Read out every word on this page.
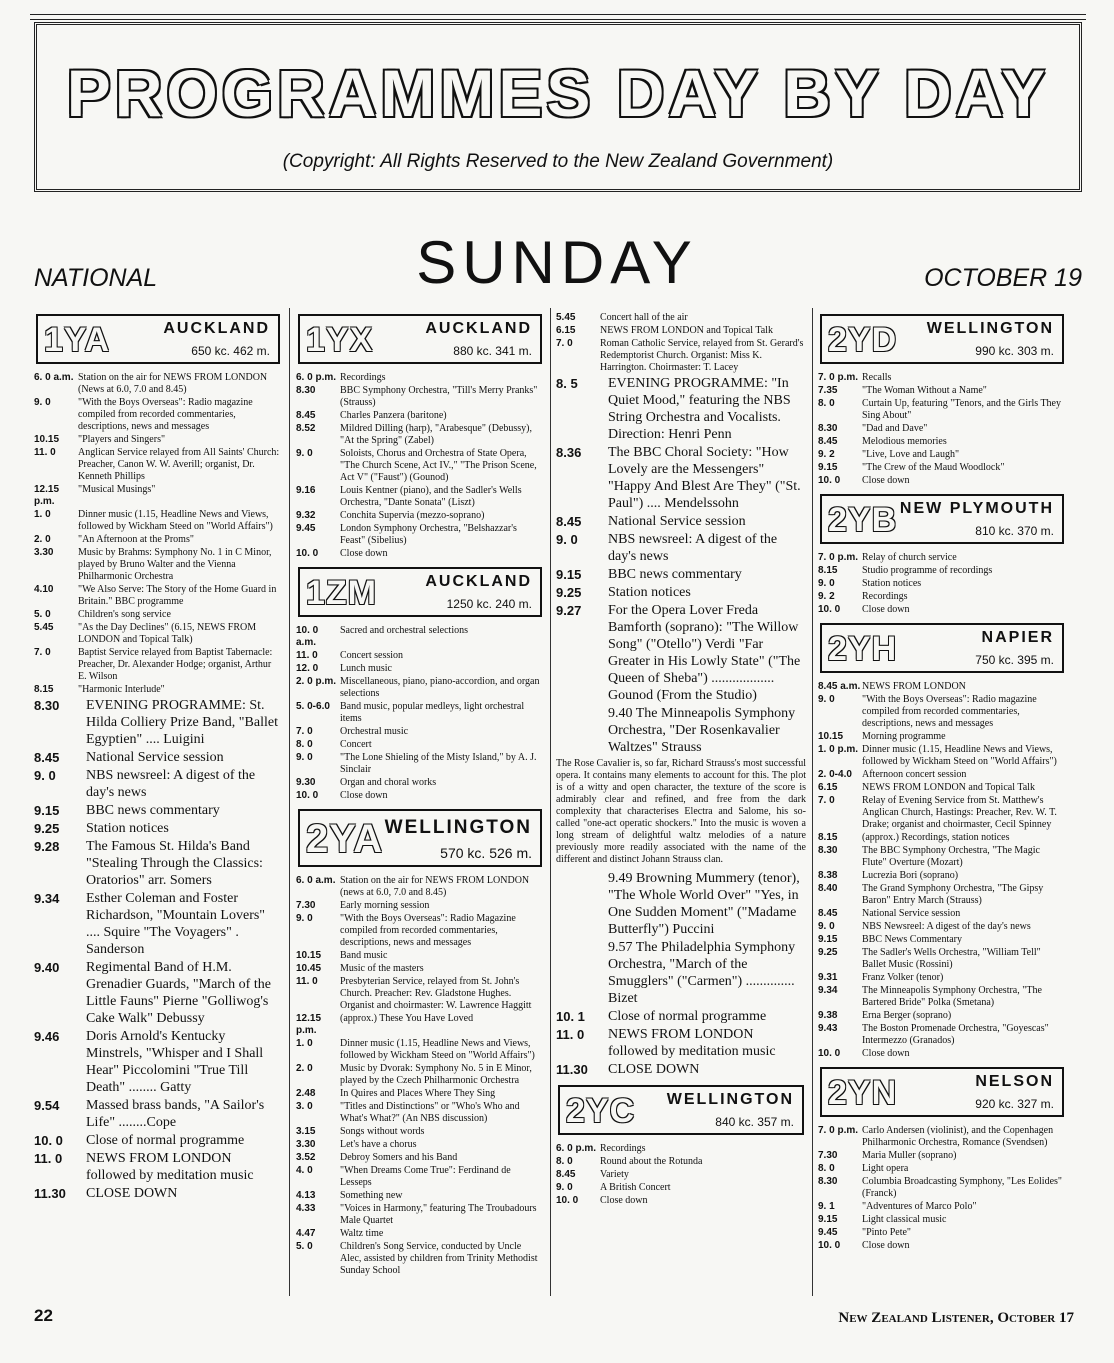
PROGRAMMES DAY BY DAY
(Copyright: All Rights Reserved to the New Zealand Government)
SUNDAY
NATIONAL	OCTOBER 19
1YA	AUCKLAND
650 kc. 462 m.
6. 0 a.m. Station on the air for NEWS FROM LONDON (News at 6.0, 7.0 and 8.45)
9. 0	"With the Boys Overseas": Radio magazine compiled from recorded commentaries, descriptions, news and messages
10.15	"Players and Singers"
11. 0	Anglican Service relayed from All Saints' Church: Preacher, Canon W. W. Averill; organist, Dr. Kenneth Phillips
12.15 p.m.
"Musical Musings"
1. 0	Dinner music (1.15, Headline News and Views, followed by Wickham Steed on "World Affairs")
2. 0	"An Afternoon at the Proms"
3.30	Music by Brahms: Symphony No. 1 in C Minor, played by Bruno Walter and the Vienna Philharmonic Orchestra
4.10	"We Also Serve: The Story of the Home Guard in Britain." BBC programme
5. 0	Children's song service
5.45	"As the Day Declines" (6.15, NEWS FROM LONDON and Topical Talk)
7. 0	Baptist Service relayed from Baptist Tabernacle: Preacher, Dr. Alexander Hodge; organist, Arthur E. Wilson
8.15	"Harmonic Interlude"
8.30	EVENING PROGRAMME: St. Hilda Colliery Prize Band, "Ballet Egyptien" .... Luigini
8.45	National Service session
9. 0	NBS newsreel: A digest of the day's news
9.15	BBC news commentary
9.25	Station notices
9.28	The Famous St. Hilda's Band "Stealing Through the Classics: Oratorios" arr. Somers
9.34	Esther Coleman and Foster Richardson, "Mountain Lovers" .... Squire "The Voyagers" . Sanderson
9.40	Regimental Band of H.M. Grenadier Guards, "March of the Little Fauns" Pierne "Golliwog's Cake Walk" Debussy
9.46	Doris Arnold's Kentucky Minstrels, "Whisper and I Shall Hear" Piccolomini "True Till Death" ........ Gatty
9.54	Massed brass bands, "A Sailor's Life" ........Cope
10. 0	Close of normal programme
11. 0	NEWS FROM LONDON followed by meditation music
11.30	CLOSE DOWN
1YX	AUCKLAND
880 kc. 341 m.
6. 0 p.m. Recordings
8.30	BBC Symphony Orchestra, "Till's Merry Pranks" (Strauss)
8.45	Charles Panzera (baritone)
8.52	Mildred Dilling (harp), "Arabesque" (Debussy), "At the Spring" (Zabel)
9. 0	Soloists, Chorus and Orchestra of State Opera, "The Church Scene, Act IV.," "The Prison Scene, Act V" ("Faust") (Gounod)
9.16	Louis Kentner (piano), and the Sadler's Wells Orchestra, "Dante Sonata" (Liszt)
9.32	Conchita Supervia (mezzo-soprano)
9.45	London Symphony Orchestra, "Belshazzar's Feast" (Sibelius)
10. 0	Close down
1ZM	AUCKLAND
1250 kc. 240 m.
10. 0 a.m.
Sacred and orchestral selections
11. 0	Concert session
12. 0	Lunch music
2. 0 p.m. Miscellaneous, piano, piano-accordion, and organ selections
5. 0-6.0	Band music, popular medleys, light orchestral items
7. 0	Orchestral music
8. 0	Concert
9. 0	"The Lone Shieling of the Misty Island," by A. J. Sinclair
9.30	Organ and choral works
10. 0	Close down
2YA WELLINGTON
570 kc. 526 m.
6. 0 a.m. Station on the air for NEWS FROM LONDON (news at 6.0, 7.0 and 8.45)
7.30	Early morning session
9. 0	"With the Boys Overseas": Radio Magazine compiled from recorded commentaries, descriptions, news and messages
10.15	Band music
10.45	Music of the masters
11. 0	Presbyterian Service, relayed from St. John's Church. Preacher: Rev. Gladstone Hughes. Organist and choirmaster: W. Lawrence Haggitt
12.15 p.m.
(approx.) These You Have Loved
1. 0	Dinner music (1.15, Headline News and Views, followed by Wickham Steed on "World Affairs")
2. 0	Music by Dvorak: Symphony No. 5 in E Minor, played by the Czech Philharmonic Orchestra
2.48	In Quires and Places Where They Sing
3. 0	"Titles and Distinctions" or "Who's Who and What's What?" (An NBS discussion)
3.15	Songs without words
3.30	Let's have a chorus
3.52	Debroy Somers and his Band
4. 0	"When Dreams Come True": Ferdinand de Lesseps
4.13	Something new
4.33	"Voices in Harmony," featuring The Troubadours Male Quartet
4.47	Waltz time
5. 0	Children's Song Service, conducted by Uncle Alec, assisted by children from Trinity Methodist Sunday School
5.45	Concert hall of the air
6.15	NEWS FROM LONDON and Topical Talk
7. 0	Roman Catholic Service, relayed from St. Gerard's Redemptorist Church. Organist: Miss K. Harrington. Choirmaster: T. Lacey
8. 5	EVENING PROGRAMME: "In Quiet Mood," featuring the NBS String Orchestra and Vocalists. Direction: Henri Penn
8.36	The BBC Choral Society: "How Lovely are the Messengers" "Happy And Blest Are They" ("St. Paul") .... Mendelssohn
8.45	National Service session
9. 0	NBS newsreel: A digest of the day's news
9.15	BBC news commentary
9.25	Station notices
9.27	For the Opera Lover Freda Bamforth (soprano): "The Willow Song" ("Otello") Verdi "Far Greater in His Lowly State" ("The Queen of Sheba") .................. Gounod (From the Studio)
9.40 The Minneapolis Symphony Orchestra, "Der Rosenkavalier Waltzes" Strauss
The Rose Cavalier is, so far, Richard Strauss's most successful opera. It contains many elements to account for this. The plot is of a witty and open character, the texture of the score is admirably clear and refined, and free from the dark complexity that characterises Electra and Salome, his so-called "one-act operatic shockers." Into the music is woven a long stream of delightful waltz melodies of a nature previously more readily associated with the name of the different and distinct Johann Strauss clan.
9.49 Browning Mummery (tenor), "The Whole World Over" "Yes, in One Sudden Moment" ("Madame Butterfly") Puccini
9.57 The Philadelphia Symphony Orchestra, "March of the Smugglers" ("Carmen") .............. Bizet
10. 1	Close of normal programme
11. 0	NEWS FROM LONDON followed by meditation music
11.30	CLOSE DOWN
2YC WELLINGTON
840 kc. 357 m.
6. 0 p.m. Recordings
8. 0	Round about the Rotunda
8.45	Variety
9. 0	A British Concert
10. 0	Close down
2YD WELLINGTON
990 kc. 303 m.
7. 0 p.m. Recalls
7.35	"The Woman Without a Name"
8. 0	Curtain Up, featuring "Tenors, and the Girls They Sing About"
8.30	"Dad and Dave"
8.45	Melodious memories
9. 2	"Live, Love and Laugh"
9.15	"The Crew of the Maud Woodlock"
10. 0	Close down
2YB NEW PLYMOUTH
810 kc. 370 m.
7. 0 p.m. Relay of church service
8.15	Studio programme of recordings
9. 0	Station notices
9. 2	Recordings
10. 0	Close down
2YH	NAPIER
750 kc. 395 m.
8.45 a.m. NEWS FROM LONDON
9. 0	"With the Boys Overseas": Radio magazine compiled from recorded commentaries, descriptions, news and messages
10.15	Morning programme
1. 0 p.m. Dinner music (1.15, Headline News and Views, followed by Wickham Steed on "World Affairs")
2. 0-4.0	Afternoon concert session
6.15	NEWS FROM LONDON and Topical Talk
7. 0	Relay of Evening Service from St. Matthew's Anglican Church, Hastings: Preacher, Rev. W. T. Drake; organist and choirmaster, Cecil Spinney
8.15	(approx.) Recordings, station notices
8.30	The BBC Symphony Orchestra, "The Magic Flute" Overture (Mozart)
8.38	Lucrezia Bori (soprano)
8.40	The Grand Symphony Orchestra, "The Gipsy Baron" Entry March (Strauss)
8.45	National Service session
9. 0	NBS Newsreel: A digest of the day's news
9.15	BBC News Commentary
9.25	The Sadler's Wells Orchestra, "William Tell" Ballet Music (Rossini)
9.31	Franz Volker (tenor)
9.34	The Minneapolis Symphony Orchestra, "The Bartered Bride" Polka (Smetana)
9.38	Erna Berger (soprano)
9.43	The Boston Promenade Orchestra, "Goyescas" Intermezzo (Granados)
10. 0	Close down
2YN	NELSON
920 kc. 327 m.
7. 0 p.m. Carlo Andersen (violinist), and the Copenhagen Philharmonic Orchestra, Romance (Svendsen)
7.30	Maria Muller (soprano)
8. 0	Light opera
8.30	Columbia Broadcasting Symphony, "Les Eolides" (Franck)
9. 1	"Adventures of Marco Polo"
9.15	Light classical music
9.45	"Pinto Pete"
10. 0	Close down
22	New Zealand Listener, October 17
